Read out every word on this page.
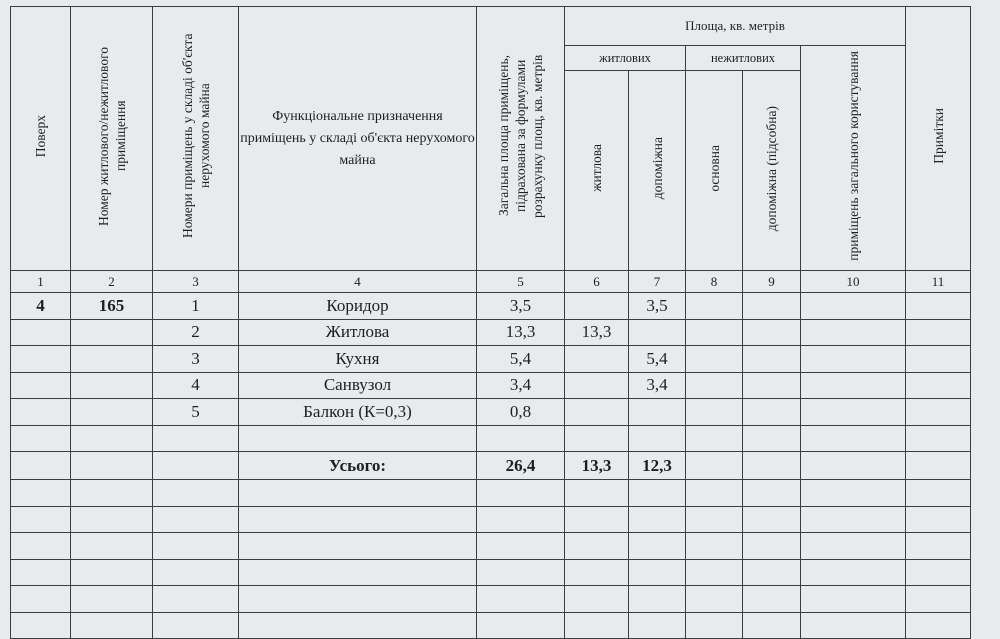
Поверх	Номер житлового/нежитлового приміщення	Номери приміщень у складі об'єкта нерухомого майна	Функціональне призначення приміщень у складі об'єкта нерухомого майна	Загальна площа приміщень, підрахована за формулами розрахунку площ, кв. метрів	Площа, кв. метрів					Примітки
					житлових		нежитлових		приміщень загального користування	
					житлова	допоміжна	основна	допоміжна (підсобна)		
1	2	3	4	5	6	7	8	9	10	11
4	165	1	Коридор	3,5		3,5				
		2	Житлова	13,3	13,3					
		3	Кухня	5,4		5,4				
		4	Санвузол	3,4		3,4				
		5	Балкон (К=0,3)	0,8						

			Усього:	26,4	13,3	12,3				
